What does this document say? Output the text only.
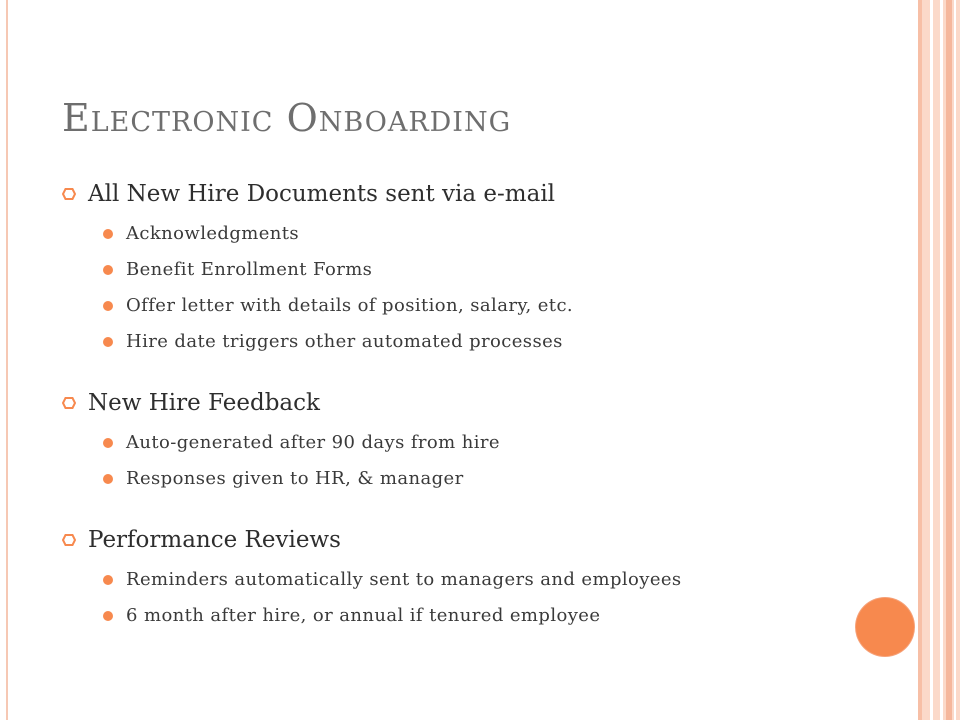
Electronic Onboarding
All New Hire Documents sent via e-mail
Acknowledgments
Benefit Enrollment Forms
Offer letter with details of position, salary, etc.
Hire date triggers other automated processes
New Hire Feedback
Auto-generated after 90 days from hire
Responses given to HR, & manager
Performance Reviews
Reminders automatically sent to managers and employees
6 month after hire, or annual if tenured employee
